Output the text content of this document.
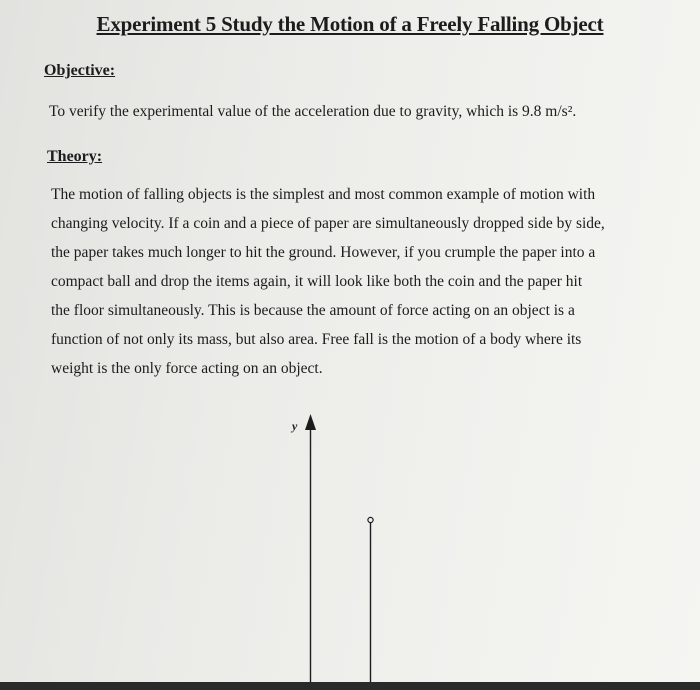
Experiment 5 Study the Motion of a Freely Falling Object
Objective:

To verify the experimental value of the acceleration due to gravity, which is 9.8 m/s².

Theory:

The motion of falling objects is the simplest and most common example of motion with
changing velocity. If a coin and a piece of paper are simultaneously dropped side by side,
the paper takes much longer to hit the ground. However, if you crumple the paper into a
compact ball and drop the items again, it will look like both the coin and the paper hit
the floor simultaneously. This is because the amount of force acting on an object is a
function of not only its mass, but also area. Free fall is the motion of a body where its
weight is the only force acting on an object.

y
